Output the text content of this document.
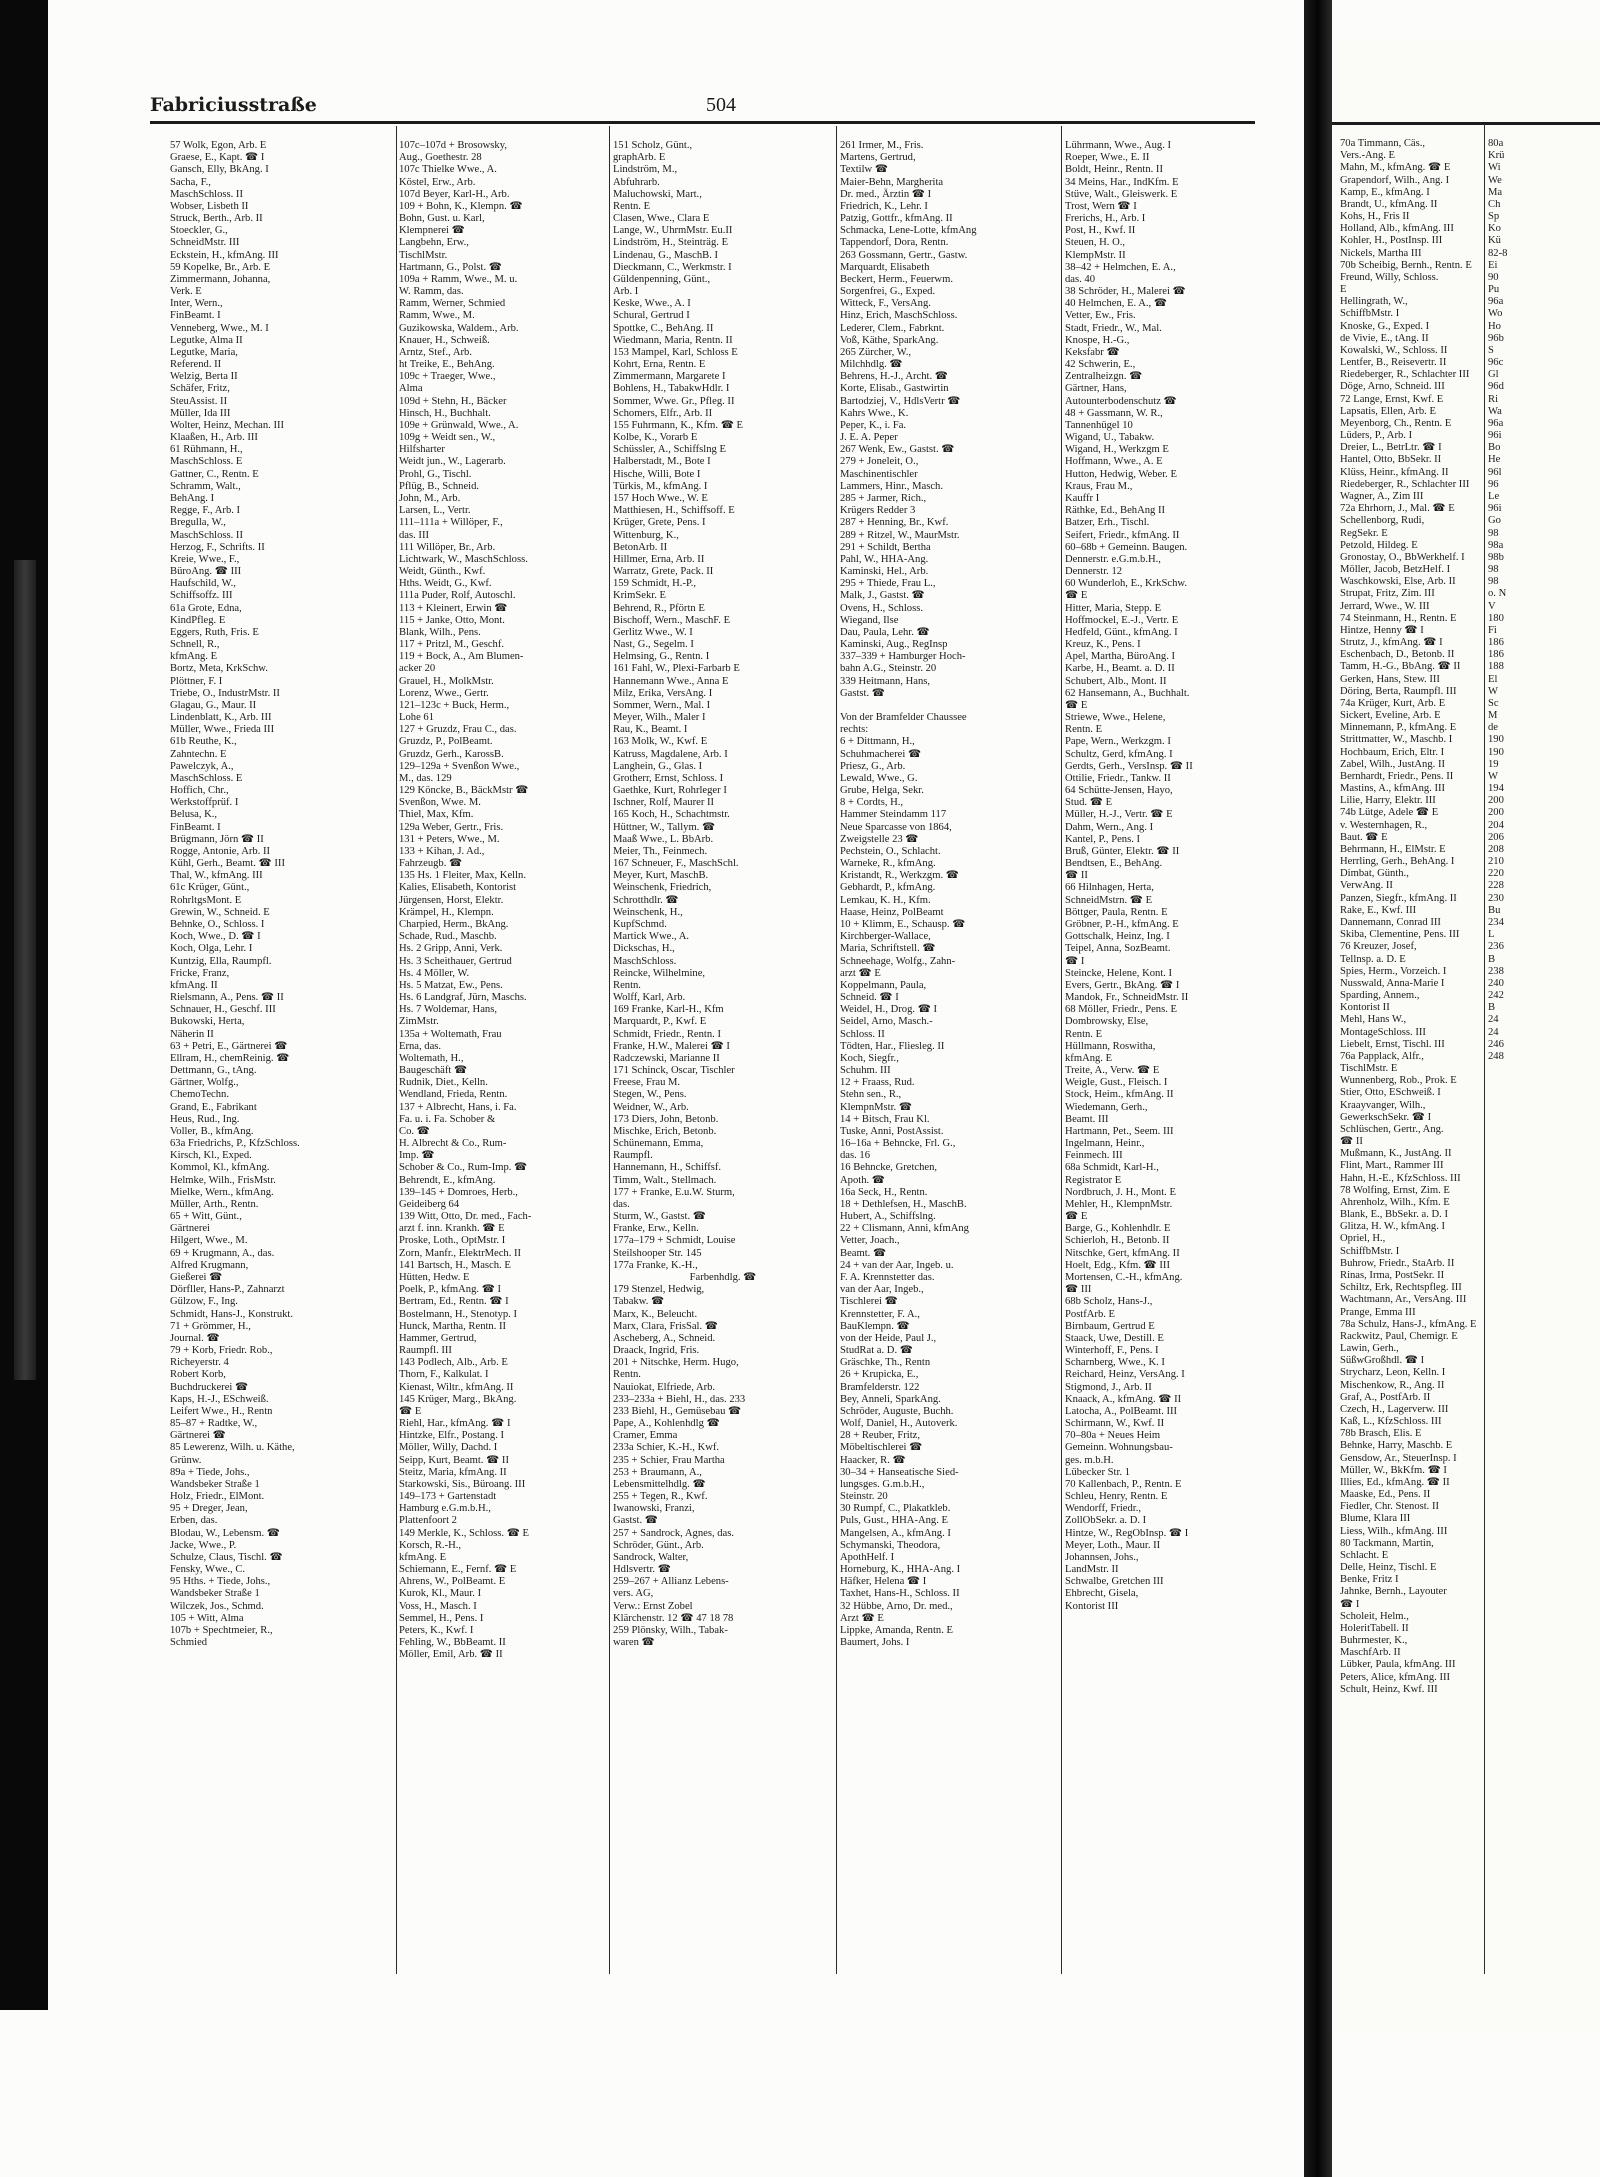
Fabriciusstraße	504
57 Wolk, Egon, Arb. E
Graese, E., Kapt. ☎ I
Gansch, Elly, BkAng. I
Sacha, F.,
MaschSchloss. II
Wobser, Lisbeth II
Struck, Berth., Arb. II
Stoeckler, G.,
SchneidMstr. III
Eckstein, H., kfmAng. III
59 Kopelke, Br., Arb. E
Zimmermann, Johanna,
Verk. E
Inter, Wern.,
FinBeamt. I
Venneberg, Wwe., M. I
Legutke, Alma II
Legutke, Maria,
Referend. II
Welzig, Berta II
Schäfer, Fritz,
SteuAssist. II
Müller, Ida III
Wolter, Heinz, Mechan. III
Klaaßen, H., Arb. III
61 Rühmann, H.,
MaschSchloss. E
Gattner, C., Rentn. E
Schramm, Walt.,
BehAng. I
Regge, F., Arb. I
Bregulla, W.,
MaschSchloss. II
Herzog, F., Schrifts. II
Kreie, Wwe., F.,
BüroAng. ☎ III
Haufschild, W.,
Schiffsoffz. III
61a Grote, Edna,
KindPfleg. E
Eggers, Ruth, Fris. E
Schnell, R.,
kfmAng. E
Bortz, Meta, KrkSchw.
Plöttner, F. I
Triebe, O., IndustrMstr. II
Glagau, G., Maur. II
Lindenblatt, K., Arb. III
Müller, Wwe., Frieda III
61b Reuthe, K.,
Zahntechn. E
Pawelczyk, A.,
MaschSchloss. E
Hoffich, Chr.,
Werkstoffprüf. I
Belusa, K.,
FinBeamt. I
Brügmann, Jörn ☎ II
Rogge, Antonie, Arb. II
Kühl, Gerh., Beamt. ☎ III
Thal, W., kfmAng. III
61c Krüger, Günt.,
RohrltgsMont. E
Grewin, W., Schneid. E
Behnke, O., Schloss. I
Koch, Wwe., D. ☎ I
Koch, Olga, Lehr. I
Kuntzig, Ella, Raumpfl.
Fricke, Franz,
kfmAng. II
Rielsmann, A., Pens. ☎ II
Schnauer, H., Geschf. III
Bukowski, Herta,
Näherin II
63 + Petri, E., Gärtnerei ☎
Ellram, H., chemReinig. ☎
Dettmann, G., tAng.
Gärtner, Wolfg.,
ChemoTechn.
Grand, E., Fabrikant
Heus, Rud., Ing.
Voller, B., kfmAng.
63a Friedrichs, P., KfzSchloss.
Kirsch, Kl., Exped.
Kommol, Kl., kfmAng.
Helmke, Wilh., FrisMstr.
Mielke, Wern., kfmAng.
Müller, Arth., Rentn.
65 + Witt, Günt.,
Gärtnerei
Hilgert, Wwe., M.
69 + Krugmann, A., das.
Alfred Krugmann,
Gießerei ☎
Dörfller, Hans-P., Zahnarzt
Gülzow, F., Ing.
Schmidt, Hans-J., Konstrukt.
71 + Grömmer, H.,
Journal. ☎
79 + Korb, Friedr. Rob.,
Richeyerstr. 4
Robert Korb,
Buchdruckerei ☎
Kaps, H.-J., ESchweiß.
Leifert Wwe., H., Rentn
85–87 + Radtke, W.,
Gärtnerei ☎
85 Lewerenz, Wilh. u. Käthe,
Grünw.
89a + Tiede, Johs.,
Wandsbeker Straße 1
Holz, Friedr., ElMont.
95 + Dreger, Jean,
Erben, das.
Blodau, W., Lebensm. ☎
Jacke, Wwe., P.
Schulze, Claus, Tischl. ☎
Fensky, Wwe., C.
95 Hths. + Tiede, Johs.,
Wandsbeker Straße 1
Wilczek, Jos., Schmd.
105 + Witt, Alma
107b + Spechtmeier, R.,
Schmied
107c–107d + Brosowsky,
Aug., Goethestr. 28
107c Thielke Wwe., A.
Köstel, Erw., Arb.
107d Beyer, Karl-H., Arb.
109 + Bohn, K., Klempn. ☎
Bohn, Gust. u. Karl,
Klempnerei ☎
Langbehn, Erw.,
TischlMstr.
Hartmann, G., Polst. ☎
109a + Ramm, Wwe., M. u.
W. Ramm, das.
Ramm, Werner, Schmied
Ramm, Wwe., M.
Guzikowska, Waldem., Arb.
Knauer, H., Schweiß.
Arntz, Stef., Arb.
ht Treike, E., BehAng.
109c + Traeger, Wwe.,
Alma
109d + Stehn, H., Bäcker
Hinsch, H., Buchhalt.
109e + Grünwald, Wwe., A.
109g + Weidt sen., W.,
Hilfsharter
Weidt jun., W., Lagerarb.
Prohl, G., Tischl.
Pflüg, B., Schneid.
John, M., Arb.
Larsen, L., Vertr.
111–111a + Willöper, F.,
das. III
111 Willöper, Br., Arb.
Lichtwark, W., MaschSchloss.
Weidt, Günth., Kwf.
Hths. Weidt, G., Kwf.
111a Puder, Rolf, Autoschl.
113 + Kleinert, Erwin ☎
115 + Janke, Otto, Mont.
Blank, Wilh., Pens.
117 + Pritzl, M., Geschf.
119 + Bock, A., Am Blumen-
acker 20
Grauel, H., MolkMstr.
Lorenz, Wwe., Gertr.
121–123c + Buck, Herm.,
Lohe 61
127 + Gruzdz, Frau C., das.
Gruzdz, P., PolBeamt.
Gruzdz, Gerh., KarossB.
129–129a + Svenßon Wwe.,
M., das. 129
129 Köncke, B., BäckMstr ☎
Svenßon, Wwe. M.
Thiel, Max, Kfm.
129a Weber, Gertr., Fris.
131 + Peters, Wwe., M.
133 + Kihan, J. Ad.,
Fahrzeugb. ☎
135 Hs. 1 Fleiter, Max, Kelln.
Kalies, Elisabeth, Kontorist
Jürgensen, Horst, Elektr.
Krämpel, H., Klempn.
Charpied, Herm., BkAng.
Schade, Rud., Maschb.
Hs. 2 Gripp, Anni, Verk.
Hs. 3 Scheithauer, Gertrud
Hs. 4 Möller, W.
Hs. 5 Matzat, Ew., Pens.
Hs. 6 Landgraf, Jürn, Maschs.
Hs. 7 Woldemar, Hans,
ZimMstr.
135a + Woltemath, Frau
Erna, das.
Woltemath, H.,
Baugeschäft ☎
Rudnik, Diet., Kelln.
Wendland, Frieda, Rentn.
137 + Albrecht, Hans, i. Fa.
Fa. u. i. Fa. Schober &
Co. ☎
H. Albrecht & Co., Rum-
Imp. ☎
Schober & Co., Rum-Imp. ☎
Behrendt, E., kfmAng.
139–145 + Domroes, Herb.,
Geideiberg 64
139 Witt, Otto, Dr. med., Fach-
arzt f. inn. Krankh. ☎ E
Proske, Loth., OptMstr. I
Zorn, Manfr., ElektrMech. II
141 Bartsch, H., Masch. E
Hütten, Hedw. E
Poelk, P., kfmAng. ☎ I
Bertram, Ed., Rentn. ☎ I
Bostelmann, H., Stenotyp. I
Hunck, Martha, Rentn. II
Hammer, Gertrud,
Raumpfl. III
143 Podlech, Alb., Arb. E
Thorn, F., Kalkulat. I
Kienast, Wiltr., kfmAng. II
145 Krüger, Marg., BkAng.
☎ E
Riehl, Har., kfmAng. ☎ I
Hintzke, Elfr., Postang. I
Möller, Willy, Dachd. I
Seipp, Kurt, Beamt. ☎ II
Steitz, Maria, kfmAng. II
Starkowski, Sis., Büroang. III
149–173 + Gartenstadt
Hamburg e.G.m.b.H.,
Plattenfoort 2
149 Merkle, K., Schloss. ☎ E
Korsch, R.-H.,
kfmAng. E
Schiemann, E., Fernf. ☎ E
Ahrens, W., PolBeamt. E
Kurok, Kl., Maur. I
Voss, H., Masch. I
Semmel, H., Pens. I
Peters, K., Kwf. I
Fehling, W., BbBeamt. II
Möller, Emil, Arb. ☎ II
151 Scholz, Günt.,
graphArb. E
Lindström, M.,
Abfuhrarb.
Maluchowski, Mart.,
Rentn. E
Clasen, Wwe., Clara E
Lange, W., UhrmMstr. Eu.II
Lindström, H., Steinträg. E
Lindenau, G., MaschB. I
Dieckmann, C., Werkmstr. I
Güldenpenning, Günt.,
Arb. I
Keske, Wwe., A. I
Schural, Gertrud I
Spottke, C., BehAng. II
Wiedmann, Maria, Rentn. II
153 Mampel, Karl, Schloss E
Kohrt, Erna, Rentn. E
Zimmermann, Margarete I
Bohlens, H., TabakwHdlr. I
Sommer, Wwe. Gr., Pfleg. II
Schomers, Elfr., Arb. II
155 Fuhrmann, K., Kfm. ☎ E
Kolbe, K., Vorarb E
Schüssler, A., Schiffslng E
Halberstadt, M., Bote I
Hische, Willi, Bote I
Türkis, M., kfmAng. I
157 Hoch Wwe., W. E
Matthiesen, H., Schiffsoff. E
Krüger, Grete, Pens. I
Wittenburg, K.,
BetonArb. II
Hillmer, Erna, Arb. II
Warratz, Grete, Pack. II
159 Schmidt, H.-P.,
KrimSekr. E
Behrend, R., Pförtn E
Bischoff, Wern., MaschF. E
Gerlitz Wwe., W. I
Nast, G., Segelm. I
Helmsing, G., Rentn. I
161 Fahl, W., Plexi-Farbarb E
Hannemann Wwe., Anna E
Milz, Erika, VersAng. I
Sommer, Wern., Mal. I
Meyer, Wilh., Maler I
Rau, K., Beamt. I
163 Molk, W., Kwf. E
Katruss, Magdalene, Arb. I
Langhein, G., Glas. I
Grotherr, Ernst, Schloss. I
Gaethke, Kurt, Rohrleger I
Ischner, Rolf, Maurer II
165 Koch, H., Schachtmstr.
Hüttner, W., Tallym. ☎
Maaß Wwe., L. BbArb.
Meier, Th., Feinmech.
167 Schneuer, F., MaschSchl.
Meyer, Kurt, MaschB.
Weinschenk, Friedrich,
Schrotthdlr. ☎
Weinschenk, H.,
KupfSchmd.
Martick Wwe., A.
Dickschas, H.,
MaschSchloss.
Reincke, Wilhelmine,
Rentn.
Wolff, Karl, Arb.
169 Franke, Karl-H., Kfm
Marquardt, P., Kwf. E
Schmidt, Friedr., Rentn. I
Franke, H.W., Malerei ☎ I
Radczewski, Marianne II
171 Schinck, Oscar, Tischler
Freese, Frau M.
Stegen, W., Pens.
Weidner, W., Arb.
173 Diers, John, Betonb.
Mischke, Erich, Betonb.
Schünemann, Emma,
Raumpfl.
Hannemann, H., Schiffsf.
Timm, Walt., Stellmach.
177 + Franke, E.u.W. Sturm,
das.
Sturm, W., Gastst. ☎
Franke, Erw., Kelln.
177a–179 + Schmidt, Louise
Steilshooper Str. 145
177a Franke, K.-H.,
Farbenhdlg. ☎
179 Stenzel, Hedwig,
Tabakw. ☎
Marx, K., Beleucht.
Marx, Clara, FrisSal. ☎
Ascheberg, A., Schneid.
Draack, Ingrid, Fris.
201 + Nitschke, Herm. Hugo,
Rentn.
Nauiokat, Elfriede, Arb.
233–233a + Biehl, H., das. 233
233 Biehl, H., Gemüsebau ☎
Pape, A., Kohlenhdlg ☎
Cramer, Emma
233a Schier, K.-H., Kwf.
235 + Schier, Frau Martha
253 + Braumann, A.,
Lebensmittelhdlg. ☎
255 + Tegen, R., Kwf.
Iwanowski, Franzi,
Gastst. ☎
257 + Sandrock, Agnes, das.
Schröder, Günt., Arb.
Sandrock, Walter,
Hdlsvertr. ☎
259–267 + Allianz Lebens-
vers. AG,
Verw.: Ernst Zobel
Klärchenstr. 12 ☎ 47 18 78
259 Plönsky, Wilh., Tabak-
waren ☎
261 Irmer, M., Fris.
Martens, Gertrud,
Textilw ☎
Maier-Behn, Margherita
Dr. med., Ärztin ☎ I
Friedrich, K., Lehr. I
Patzig, Gottfr., kfmAng. II
Schmacka, Lene-Lotte, kfmAng
Tappendorf, Dora, Rentn.
263 Gossmann, Gertr., Gastw.
Marquardt, Elisabeth
Beckert, Herm., Feuerwm.
Sorgenfrei, G., Exped.
Witteck, F., VersAng.
Hinz, Erich, MaschSchloss.
Lederer, Clem., Fabrknt.
Voß, Käthe, SparkAng.
265 Zürcher, W.,
Milchhdlg. ☎
Behrens, H.-J., Archt. ☎
Korte, Elisab., Gastwirtin
Bartodziej, V., HdlsVertr ☎
Kahrs Wwe., K.
Peper, K., i. Fa.
J. E. A. Peper
267 Wenk, Ew., Gastst. ☎
279 + Joneleit, O.,
Maschinentischler
Lammers, Hinr., Masch.
285 + Jarmer, Rich.,
Krügers Redder 3
287 + Henning, Br., Kwf.
289 + Ritzel, W., MaurMstr.
291 + Schildt, Bertha
Pahl, W., HHA-Ang.
Kaminski, Hel., Arb.
295 + Thiede, Frau L.,
Malk, J., Gastst. ☎
Ovens, H., Schloss.
Wiegand, Ilse
Dau, Paula, Lehr. ☎
Kaminski, Aug., RegInsp
337–339 + Hamburger Hoch-
bahn A.G., Steinstr. 20
339 Heitmann, Hans,
Gastst. ☎
Von der Bramfelder Chaussee
rechts:
6 + Dittmann, H.,
Schuhmacherei ☎
Priesz, G., Arb.
Lewald, Wwe., G.
Grube, Helga, Sekr.
8 + Cordts, H.,
Hammer Steindamm 117
Neue Sparcasse von 1864,
Zweigstelle 23 ☎
Pechstein, O., Schlacht.
Warneke, R., kfmAng.
Kristandt, R., Werkzgm. ☎
Gebhardt, P., kfmAng.
Lemkau, K. H., Kfm.
Haase, Heinz, PolBeamt
10 + Klimm, E., Schausp. ☎
Kirchberger-Wallace,
Maria, Schriftstell. ☎
Schneehage, Wolfg., Zahn-
arzt ☎ E
Koppelmann, Paula,
Schneid. ☎ I
Weidel, H., Drog. ☎ I
Seidel, Arno, Masch.-
Schloss. II
Tödten, Har., Fliesleg. II
Koch, Siegfr.,
Schuhm. III
12 + Fraass, Rud.
Stehn sen., R.,
KlempnMstr. ☎
14 + Bitsch, Frau Kl.
Tuske, Anni, PostAssist.
16–16a + Behncke, Frl. G.,
das. 16
16 Behncke, Gretchen,
Apoth. ☎
16a Seck, H., Rentn.
18 + Dethlefsen, H., MaschB.
Hubert, A., Schiffslng.
22 + Clismann, Anni, kfmAng
Vetter, Joach.,
Beamt. ☎
24 + van der Aar, Ingeb. u.
F. A. Krennstetter das.
van der Aar, Ingeb.,
Tischlerei ☎
Krennstetter, F. A.,
BauKlempn. ☎
von der Heide, Paul J.,
StudRat a. D. ☎
Gräschke, Th., Rentn
26 + Krupicka, E.,
Bramfelderstr. 122
Bey, Anneli, SparkAng.
Schröder, Auguste, Buchh.
Wolf, Daniel, H., Autoverk.
28 + Reuber, Fritz,
Möbeltischlerei ☎
Haacker, R. ☎
30–34 + Hanseatische Sied-
lungsges. G.m.b.H.,
Steinstr. 20
30 Rumpf, C., Plakatkleb.
Puls, Gust., HHA-Ang. E
Mangelsen, A., kfmAng. I
Schymanski, Theodora,
ApothHelf. I
Horneburg, K., HHA-Ang. I
Häfker, Helena ☎ I
Taxhet, Hans-H., Schloss. II
32 Hübbe, Arno, Dr. med.,
Arzt ☎ E
Lippke, Amanda, Rentn. E
Baumert, Johs. I
Lührmann, Wwe., Aug. I
Roeper, Wwe., E. II
Boldt, Heinr., Rentn. II
34 Meins, Har., IndKfm. E
Stüve, Walt., Gleiswerk. E
Trost, Wern ☎ I
Frerichs, H., Arb. I
Post, H., Kwf. II
Steuen, H. O.,
KlempMstr. II
38–42 + Helmchen, E. A.,
das. 40
38 Schröder, H., Malerei ☎
40 Helmchen, E. A., ☎
Vetter, Ew., Fris.
Stadt, Friedr., W., Mal.
Knospe, H.-G.,
Keksfabr ☎
42 Schwerin, E.,
Zentralheizgn. ☎
Gärtner, Hans,
Autounterbodenschutz ☎
48 + Gassmann, W. R.,
Tannenhügel 10
Wigand, U., Tabakw.
Wigand, H., Werkzgm E
Hoffmann, Wwe., A. E
Hutton, Hedwig, Weber. E
Kraus, Frau M.,
Kauffr I
Räthke, Ed., BehAng II
Batzer, Erh., Tischl.
Seifert, Friedr., kfmAng. II
60–68b + Gemeinn. Baugen.
Dennerstr. e.G.m.b.H.,
Dennerstr. 12
60 Wunderloh, E., KrkSchw.
☎ E
Hitter, Maria, Stepp. E
Hoffmockel, E.-J., Vertr. E
Hedfeld, Günt., kfmAng. I
Kreuz, K., Pens. I
Apel, Martha, BüroAng. I
Karbe, H., Beamt. a. D. II
Schubert, Alb., Mont. II
62 Hansemann, A., Buchhalt.
☎ E
Striewe, Wwe., Helene,
Rentn. E
Pape, Wern., Werkzgm. I
Schultz, Gerd, kfmAng. I
Gerdts, Gerh., VersInsp. ☎ II
Ottilie, Friedr., Tankw. II
64 Schütte-Jensen, Hayo,
Stud. ☎ E
Müller, H.-J., Vertr. ☎ E
Dahm, Wern., Ang. I
Kantel, P., Pens. I
Bruß, Günter, Elektr. ☎ II
Bendtsen, E., BehAng.
☎ II
66 Hilnhagen, Herta,
SchneidMstrn. ☎ E
Böttger, Paula, Rentn. E
Gröbner, P.-H., kfmAng. E
Gottschalk, Heinz, Ing. I
Teipel, Anna, SozBeamt.
☎ I
Steincke, Helene, Kont. I
Evers, Gertr., BkAng. ☎ I
Mandok, Fr., SchneidMstr. II
68 Möller, Friedr., Pens. E
Dombrowsky, Else,
Rentn. E
Hüllmann, Roswitha,
kfmAng. E
Treite, A., Verw. ☎ E
Weigle, Gust., Fleisch. I
Stock, Heim., kfmAng. II
Wiedemann, Gerh.,
Beamt. III
Hartmann, Pet., Seem. III
Ingelmann, Heinr.,
Feinmech. III
68a Schmidt, Karl-H.,
Registrator E
Nordbruch, J. H., Mont. E
Mehler, H., KlempnMstr.
☎ E
Barge, G., Kohlenhdlr. E
Schierloh, H., Betonb. II
Nitschke, Gert, kfmAng. II
Hoelt, Edg., Kfm. ☎ III
Mortensen, C.-H., kfmAng.
☎ III
68b Scholz, Hans-J.,
PostfArb. E
Birnbaum, Gertrud E
Staack, Uwe, Destill. E
Winterhoff, F., Pens. I
Scharnberg, Wwe., K. I
Reichard, Heinz, VersAng. I
Stigmond, J., Arb. II
Knaack, A., kfmAng. ☎ II
Latocha, A., PolBeamt. III
Schirmann, W., Kwf. II
70–80a + Neues Heim
Gemeinn. Wohnungsbau-
ges. m.b.H.
Lübecker Str. 1
70 Kallenbach, P., Rentn. E
Schleu, Henry, Rentn. E
Wendorff, Friedr.,
ZollObSekr. a. D. I
Hintze, W., RegObInsp. ☎ I
Meyer, Loth., Maur. II
Johannsen, Johs.,
LandMstr. II
Schwalbe, Gretchen III
Ehbrecht, Gisela,
Kontorist III
70a Timmann, Cäs.,
Vers.-Ang. E
Mahn, M., kfmAng. ☎ E
Grapendorf, Wilh., Ang. I
Kamp, E., kfmAng. I
Brandt, U., kfmAng. II
Kohs, H., Fris II
Holland, Alb., kfmAng. III
Kohler, H., PostInsp. III
Nickels, Martha III
70b Scheibig, Bernh., Rentn. E
Freund, Willy, Schloss.
E
Hellingrath, W.,
SchiffbMstr. I
Knoske, G., Exped. I
de Vivie, E., tAng. II
Kowalski, W., Schloss. II
Lentfer, B., Reisevertr. II
Riedeberger, R., Schlachter III
Döge, Arno, Schneid. III
72 Lange, Ernst, Kwf. E
Lapsatis, Ellen, Arb. E
Meyenborg, Ch., Rentn. E
Lüders, P., Arb. I
Dreier, L., BetrLtr. ☎ I
Hantel, Otto, BbSekr. II
Klüss, Heinr., kfmAng. II
Riedeberger, R., Schlachter III
Wagner, A., Zim III
72a Ehrhorn, J., Mal. ☎ E
Schellenborg, Rudi,
RegSekr. E
Petzold, Hildeg. E
Gronostay, O., BbWerkhelf. I
Möller, Jacob, BetzHelf. I
Waschkowski, Else, Arb. II
Strupat, Fritz, Zim. III
Jerrard, Wwe., W. III
74 Steinmann, H., Rentn. E
Hintze, Henny ☎ I
Strutz, J., kfmAng. ☎ I
Eschenbach, D., Betonb. II
Tamm, H.-G., BbAng. ☎ II
Gerken, Hans, Stew. III
Döring, Berta, Raumpfl. III
74a Krüger, Kurt, Arb. E
Sickert, Eveline, Arb. E
Minnemann, P., kfmAng. E
Strittmatter, W., Maschb. I
Hochbaum, Erich, Eltr. I
Zabel, Wilh., JustAng. II
Bernhardt, Friedr., Pens. II
Mastins, A., kfmAng. III
Lilie, Harry, Elektr. III
74b Lütge, Adele ☎ E
v. Westernhagen, R.,
Baut. ☎ E
Behrmann, H., ElMstr. E
Herrling, Gerh., BehAng. I
Dimbat, Günth.,
VerwAng. II
Panzen, Siegfr., kfmAng. II
Rake, E., Kwf. III
Dannemann, Conrad III
Skiba, Clementine, Pens. III
76 Kreuzer, Josef,
Tellnsp. a. D. E
Spies, Herm., Vorzeich. I
Nusswald, Anna-Marie I
Sparding, Annem.,
Kontorist II
Mehl, Hans W.,
MontageSchloss. III
Liebelt, Ernst, Tischl. III
76a Papplack, Alfr.,
TischlMstr. E
Wunnenberg, Rob., Prok. E
Stier, Otto, ESchweiß. I
Kraayvanger, Wilh.,
GewerkschSekr. ☎ I
Schlüschen, Gertr., Ang.
☎ II
Mußmann, K., JustAng. II
Flint, Mart., Rammer III
Hahn, H.-E., KfzSchloss. III
78 Wolfing, Ernst, Zim. E
Ahrenholz, Wilh., Kfm. E
Blank, E., BbSekr. a. D. I
Glitza, H. W., kfmAng. I
Opriel, H.,
SchiffbMstr. I
Buhrow, Friedr., StaArb. II
Rinas, Irma, PostSekr. II
Schiltz, Erk, Rechtspfleg. III
Wachtmann, Ar., VersAng. III
Prange, Emma III
78a Schulz, Hans-J., kfmAng. E
Rackwitz, Paul, Chemigr. E
Lawin, Gerh.,
SüßwGroßhdl. ☎ I
Strycharz, Leon, Kelln. I
Mischenkow, R., Ang. II
Graf, A., PostfArb. II
Czech, H., Lagerverw. III
Kaß, L., KfzSchloss. III
78b Brasch, Elis. E
Behnke, Harry, Maschb. E
Gensdow, Ar., SteuerInsp. I
Müller, W., BkKfm. ☎ I
Illies, Ed., kfmAng. ☎ II
Maaske, Ed., Pens. II
Fiedler, Chr. Stenost. II
Blume, Klara III
Liess, Wilh., kfmAng. III
80 Tackmann, Martin,
Schlacht. E
Delle, Heinz, Tischl. E
Benke, Fritz I
Jahnke, Bernh., Layouter
☎ I
Scholeit, Helm.,
HoleritTabell. II
Buhrmester, K.,
MaschfArb. II
Lübker, Paula, kfmAng. III
Peters, Alice, kfmAng. III
Schult, Heinz, Kwf. III
80a
Krü
Wi
We
Ma
Ch
Sp
Ko
Kü
82-8
Ei
90
Pu
96a
Wo
Ho
96b
S
96c
Gl
96d
Ri
Wa
96a
96i
Bo
He
96l
96
Le
96i
Go
98
98a
98b
98
98
o. N
V
180
Fi
186
186
188
El
W
Sc
M
de
190
190
19
W
194
200
200
204
206
208
210
220
228
230
Bu
234
L
236
B
238
240
242
B
24
24
246
248
